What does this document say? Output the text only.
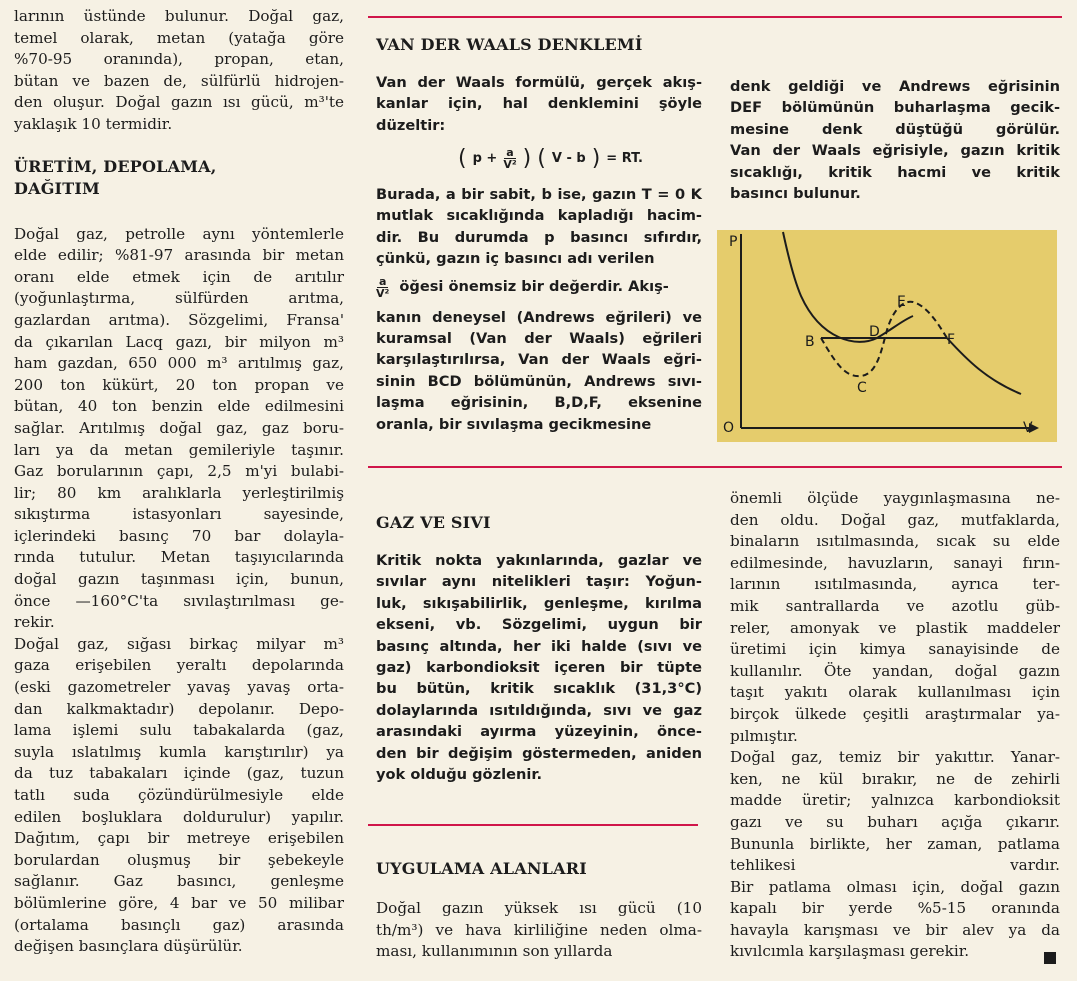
larının üstünde bulunur. Doğal gaz,
temel olarak, metan (yatağa göre
%70-95 oranında), propan, etan,
bütan ve bazen de, sülfürlü hidrojen-
den oluşur. Doğal gazın ısı gücü, m³'te
yaklaşık 10 termidir.
ÜRETİM, DEPOLAMA,
DAĞITIM
Doğal gaz, petrolle aynı yöntemlerle
elde edilir; %81-97 arasında bir metan
oranı elde etmek için de arıtılır
(yoğunlaştırma, sülfürden arıtma,
gazlardan arıtma). Sözgelimi, Fransa'
da çıkarılan Lacq gazı, bir milyon m³
ham gazdan, 650 000 m³ arıtılmış gaz,
200 ton kükürt, 20 ton propan ve
bütan, 40 ton benzin elde edilmesini
sağlar. Arıtılmış doğal gaz, gaz boru-
ları ya da metan gemileriyle taşınır.
Gaz borularının çapı, 2,5 m'yi bulabi-
lir; 80 km aralıklarla yerleştirilmiş
sıkıştırma istasyonları sayesinde,
içlerindeki basınç 70 bar dolayla-
rında tutulur. Metan taşıyıcılarında
doğal gazın taşınması için, bunun,
önce —160°C'ta sıvılaştırılması ge-
rekir.
Doğal gaz, sığası birkaç milyar m³
gaza erişebilen yeraltı depolarında
(eski gazometreler yavaş yavaş orta-
dan kalkmaktadır) depolanır. Depo-
lama işlemi sulu tabakalarda (gaz,
suyla ıslatılmış kumla karıştırılır) ya
da tuz tabakaları içinde (gaz, tuzun
tatlı suda çözündürülmesiyle elde
edilen boşluklara doldurulur) yapılır.
Dağıtım, çapı bir metreye erişebilen
borulardan oluşmuş bir şebekeyle
sağlanır. Gaz basıncı, genleşme
bölümlerine göre, 4 bar ve 50 milibar
(ortalama basınçlı gaz) arasında
değişen basınçlara düşürülür.
VAN DER WAALS DENKLEMİ
Van der Waals formülü, gerçek akış-
kanlar için, hal denklemini şöyle
düzeltir:
( $p + \frac{a}{\text{V²}}$ ) ( V - b ) = RT.
Burada, a bir sabit, b ise, gazın T = 0 K
mutlak sıcaklığında kapladığı hacim-
dir. Bu durumda p basıncı sıfırdır,
çünkü, gazın iç basıncı adı verilen
$\frac{a}{\text{V²}}$ öğesi önemsiz bir değerdir. Akış-
kanın deneysel (Andrews eğrileri) ve
kuramsal (Van der Waals) eğrileri
karşılaştırılırsa, Van der Waals eğri-
sinin BCD bölümünün, Andrews sıvı-
laşma eğrisinin, B,D,F, eksenine
oranla, bir sıvılaşma gecikmesine
denk geldiği ve Andrews eğrisinin
DEF bölümünün buharlaşma gecik-
mesine denk düştüğü görülür.
Van der Waals eğrisiyle, gazın kritik
sıcaklığı, kritik hacmi ve kritik
basıncı bulunur.
P
V
O
B
C
D
E
F
GAZ VE SIVI
Kritik nokta yakınlarında, gazlar ve
sıvılar aynı nitelikleri taşır: Yoğun-
luk, sıkışabilirlik, genleşme, kırılma
ekseni, vb. Sözgelimi, uygun bir
basınç altında, her iki halde (sıvı ve
gaz) karbondioksit içeren bir tüpte
bu bütün, kritik sıcaklık (31,3°C)
dolaylarında ısıtıldığında, sıvı ve gaz
arasındaki ayırma yüzeyinin, önce-
den bir değişim göstermeden, aniden
yok olduğu gözlenir.
UYGULAMA ALANLARI
Doğal gazın yüksek ısı gücü (10
th/m³) ve hava kirliliğine neden olma-
ması, kullanımının son yıllarda
önemli ölçüde yaygınlaşmasına ne-
den oldu. Doğal gaz, mutfaklarda,
binaların ısıtılmasında, sıcak su elde
edilmesinde, havuzların, sanayi fırın-
larının ısıtılmasında, ayrıca ter-
mik santrallarda ve azotlu güb-
reler, amonyak ve plastik maddeler
üretimi için kimya sanayisinde de
kullanılır. Öte yandan, doğal gazın
taşıt yakıtı olarak kullanılması için
birçok ülkede çeşitli araştırmalar ya-
pılmıştır.
Doğal gaz, temiz bir yakıttır. Yanar-
ken, ne kül bırakır, ne de zehirli
madde üretir; yalnızca karbondioksit
gazı ve su buharı açığa çıkarır.
Bununla birlikte, her zaman, patlama
tehlikesi vardır.
Bir patlama olması için, doğal gazın
kapalı bir yerde %5-15 oranında
havayla karışması ve bir alev ya da
kıvılcımla karşılaşması gerekir.
